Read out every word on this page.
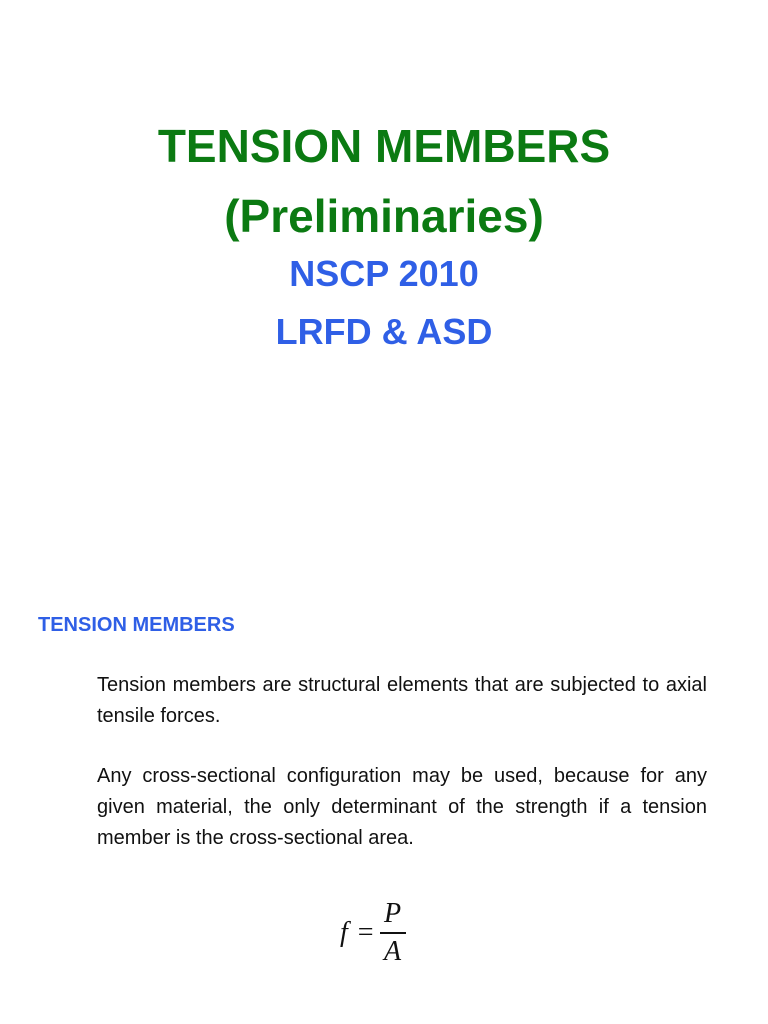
TENSION MEMBERS
(Preliminaries)
NSCP 2010
LRFD & ASD
TENSION MEMBERS
Tension members are structural elements that are subjected to axial tensile forces.
Any cross-sectional configuration may be used, because for any given material, the only determinant of the strength if a tension member is the cross-sectional area.
$f = \frac{P}{A}$
